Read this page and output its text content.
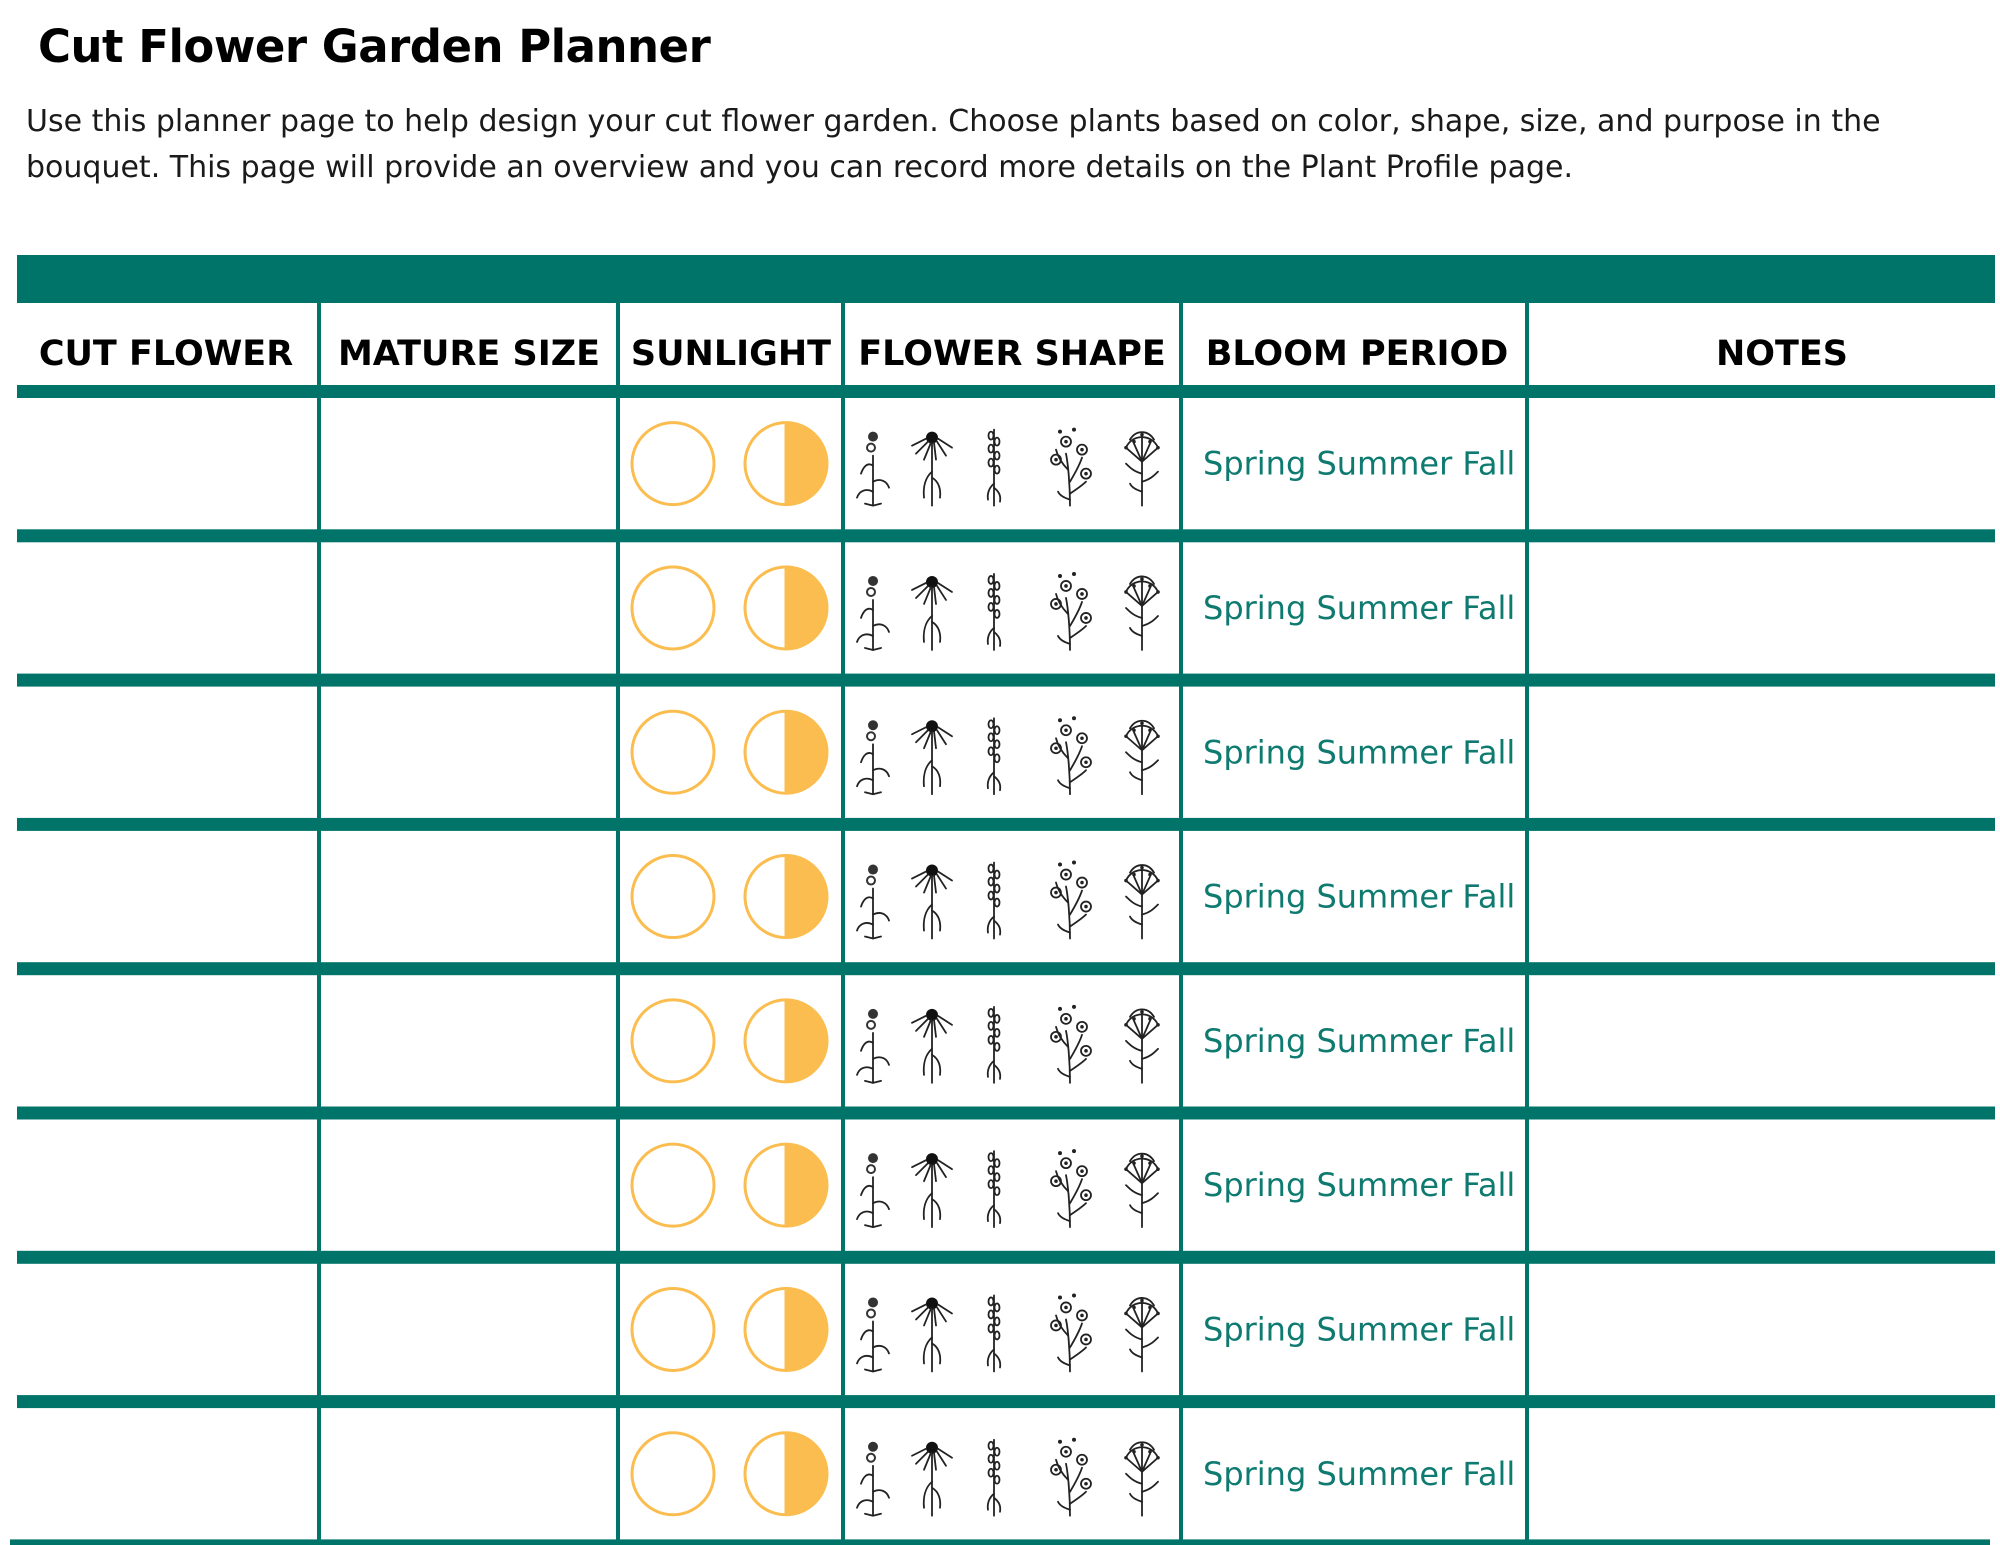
Cut Flower Garden Planner

Use this planner page to help design your cut flower garden. Choose plants based on color, shape, size, and purpose in the bouquet. This page will provide an overview and you can record more details on the Plant Profile page.

CUT FLOWER MATURE SIZE SUNLIGHT FLOWER SHAPE BLOOM PERIOD	NOTES
Spring Summer Fall
Spring Summer Fall
Spring Summer Fall
Spring Summer Fall
Spring Summer Fall
Spring Summer Fall
Spring Summer Fall
Spring Summer Fall
